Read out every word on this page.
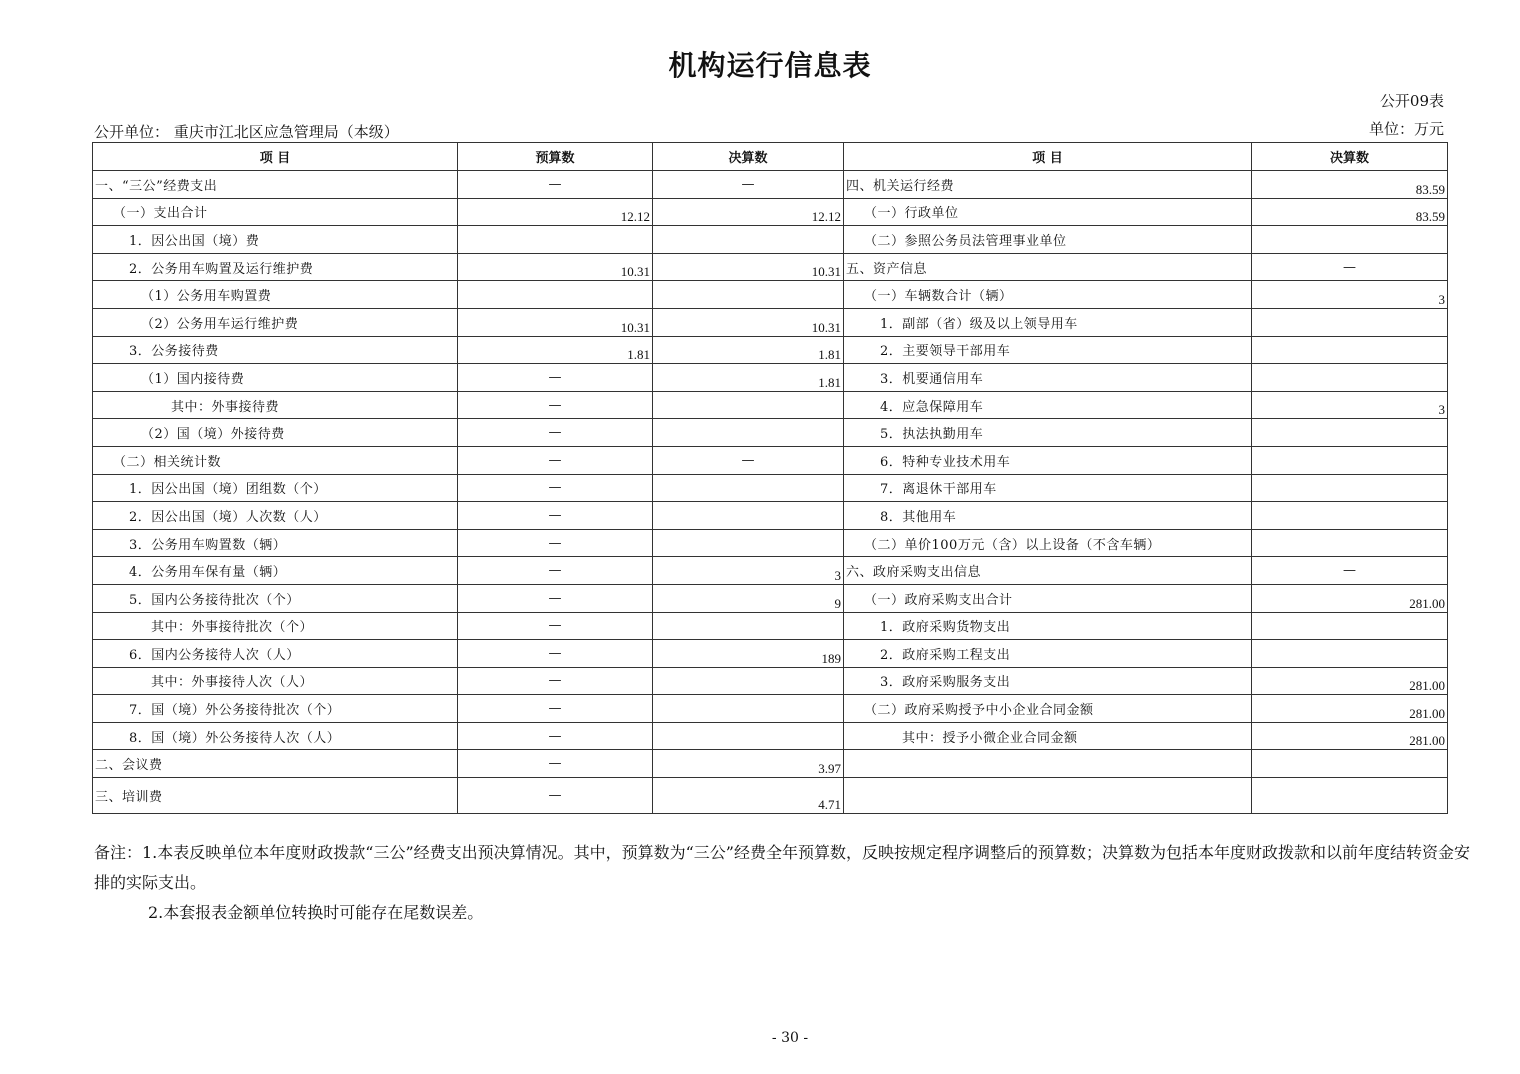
机构运行信息表
公开09表
公开单位： 重庆市江北区应急管理局（本级）	单位：万元
项 目	预算数	决算数	项 目	决算数
一、“三公”经费支出	—	—	四、机关运行经费	83.59
（一）支出合计	12.12	12.12	（一）行政单位	83.59
1．因公出国（境）费			（二）参照公务员法管理事业单位	
2．公务用车购置及运行维护费	10.31	10.31	五、资产信息	—
（1）公务用车购置费			（一）车辆数合计（辆）	3
（2）公务用车运行维护费	10.31	10.31	1．副部（省）级及以上领导用车	
3．公务接待费	1.81	1.81	2．主要领导干部用车	
（1）国内接待费	—	1.81	3．机要通信用车	
其中：外事接待费	—		4．应急保障用车	3
（2）国（境）外接待费	—		5．执法执勤用车	
（二）相关统计数	—	—	6．特种专业技术用车	
1．因公出国（境）团组数（个）	—		7．离退休干部用车	
2．因公出国（境）人次数（人）	—		8．其他用车	
3．公务用车购置数（辆）	—		（二）单价100万元（含）以上设备（不含车辆）	
4．公务用车保有量（辆）	—	3	六、政府采购支出信息	—
5．国内公务接待批次（个）	—	9	（一）政府采购支出合计	281.00
其中：外事接待批次（个）	—		1．政府采购货物支出	
6．国内公务接待人次（人）	—	189	2．政府采购工程支出	
其中：外事接待人次（人）	—		3．政府采购服务支出	281.00
7．国（境）外公务接待批次（个）	—		（二）政府采购授予中小企业合同金额	281.00
8．国（境）外公务接待人次（人）	—		其中：授予小微企业合同金额	281.00
二、会议费	—	3.97		
三、培训费	—	4.71		
备注：1.本表反映单位本年度财政拨款“三公”经费支出预决算情况。其中，预算数为“三公”经费全年预算数，反映按规定程序调整后的预算数；决算数为包括本年度财政拨款和以前年度结转资金安排的实际支出。
2.本套报表金额单位转换时可能存在尾数误差。
- 30 -
